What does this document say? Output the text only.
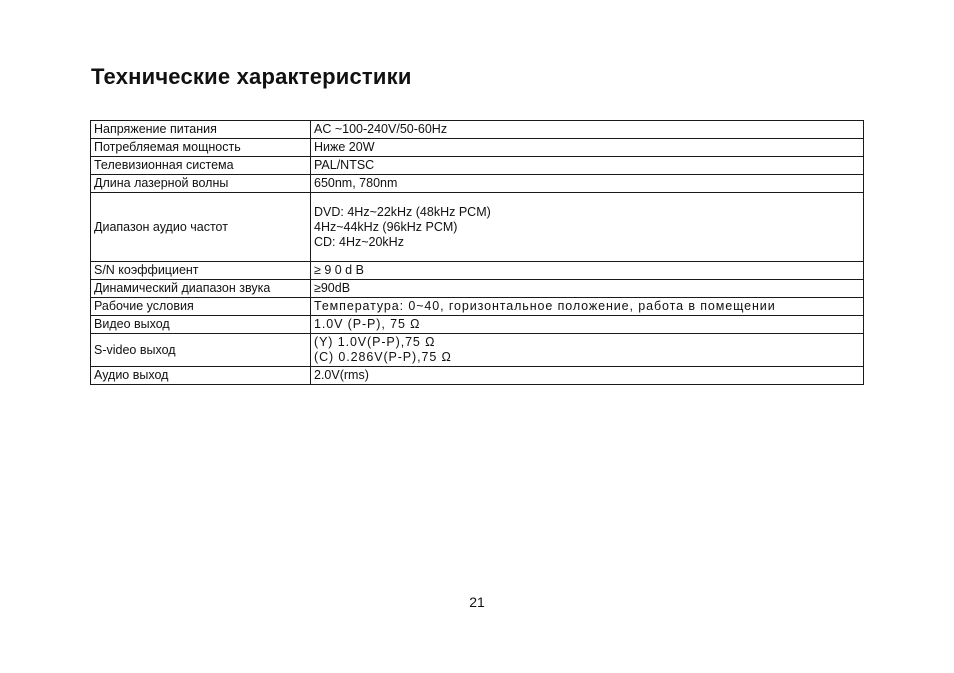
Технические характеристики
Напряжение питания	AC ~100-240V/50-60Hz
Потребляемая мощность	Ниже 20W
Телевизионная система	PAL/NTSC
Длина лазерной волны	650nm, 780nm
Диапазон аудио частот	DVD: 4Hz~22kHz (48kHz PCM)
4Hz~44kHz (96kHz PCM)
CD: 4Hz~20kHz

S/N коэффициент	≥ 9 0 d B
Динамический диапазон звука	≥90dB
Рабочие условия	Температура: 0~40, горизонтальное положение, работа в помещении
Видео выход	1.0V (P-P), 75 Ω
S-video выход	(Y) 1.0V(P-P),75 Ω
(C) 0.286V(P-P),75 Ω

Аудио выход	2.0V(rms)
21
